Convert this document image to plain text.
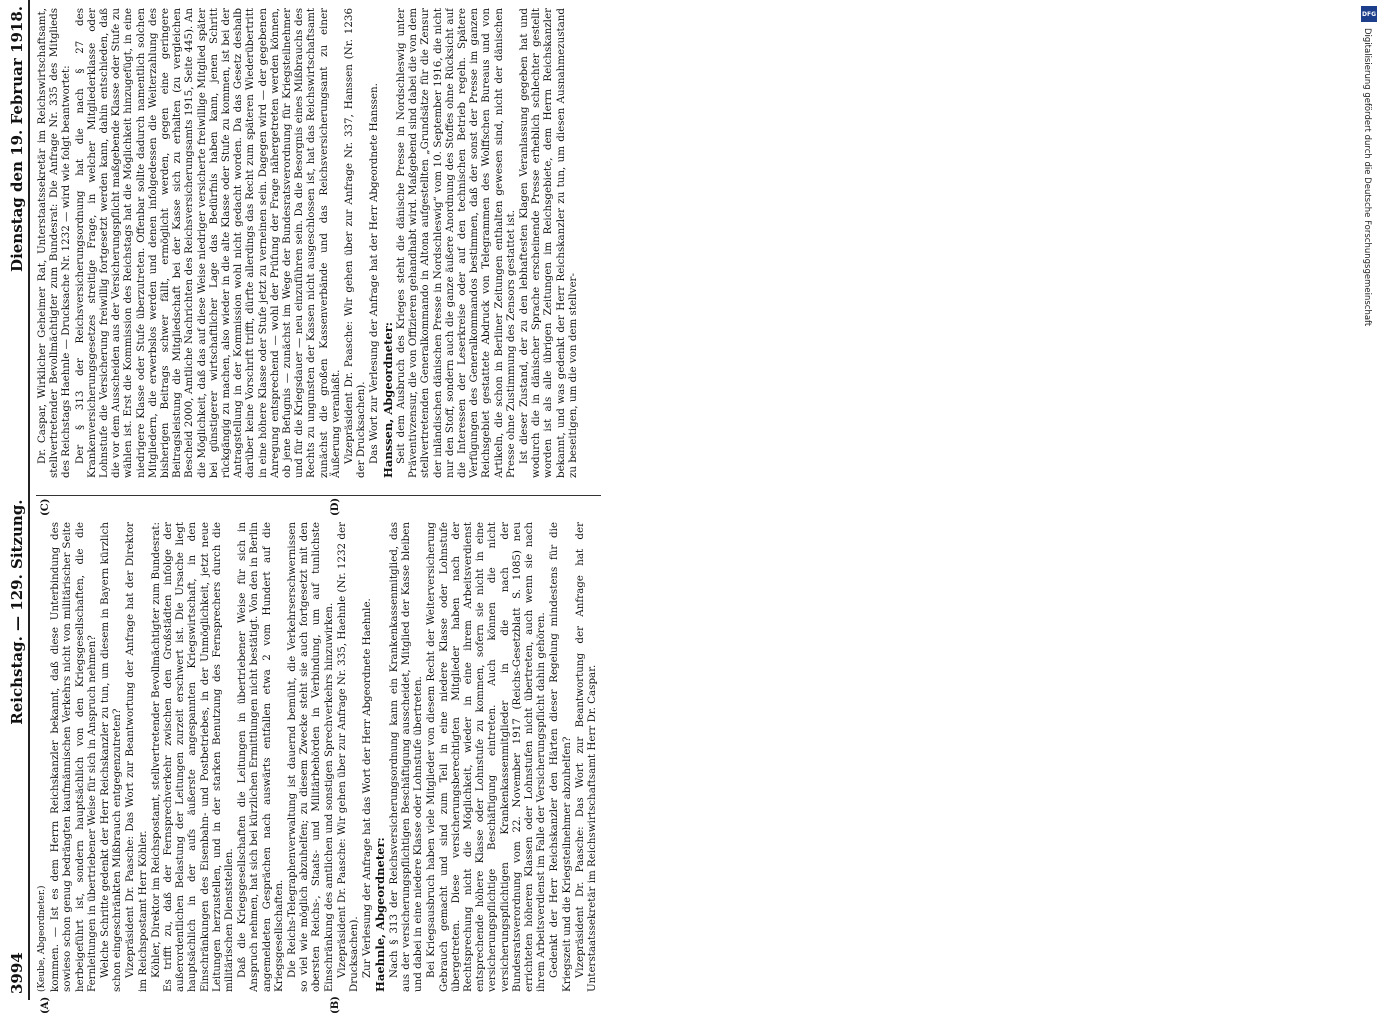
3994
Reichstag. — 129. Sitzung.
Dienstag den 19. Februar 1918.
(A)	(B)
(C)	(D)

(Keube, Abgeordneter.) kommen. — Ist es dem Herrn Reichskanzler bekannt, daß diese Unterbindung des sowieso schon genug bedrängten kaufmännischen Verkehrs nicht von militärischer Seite herbeigeführt ist, sondern hauptsächlich von den Kriegsgesellschaften, die die Fernleitungen in übertriebener Weise für sich in Anspruch nehmen? Welche Schritte gedenkt der Herr Reichskanzler zu tun, um diesem in Bayern kürzlich schon eingeschränkten Mißbrauch entgegenzutreten? Vizepräsident Dr. Paasche: Das Wort zur Beantwortung der Anfrage hat der Direktor im Reichspostamt Herr Köhler. Köhler, Direktor im Reichspostamt, stellvertretender Bevollmächtigter zum Bundesrat: Es trifft zu, daß der Fernsprechverkehr zwischen den Großstädten infolge der außerordentlichen Belastung der Leitungen zurzeit erschwert ist. Die Ursache liegt hauptsächlich in der aufs äußerste angespannten Kriegswirtschaft, in den Einschränkungen des Eisenbahn- und Postbetriebes, in der Unmöglichkeit, jetzt neue Leitungen herzustellen, und in der starken Benutzung des Fernsprechers durch die militärischen Dienststellen. Daß die Kriegsgesellschaften die Leitungen in übertriebener Weise für sich in Anspruch nehmen, hat sich bei kürzlichen Ermittlungen nicht bestätigt. Von den in Berlin angemeldeten Gesprächen nach auswärts entfallen etwa 2 vom Hundert auf die Kriegsgesellschaften. Die Reichs-Telegraphenverwaltung ist dauernd bemüht, die Verkehrserschwernissen so viel wie möglich abzuhelfen; zu diesem Zwecke steht sie auch fortgesetzt mit den obersten Reichs-, Staats- und Militärbehörden in Verbindung, um auf tunlichste Einschränkung des amtlichen und sonstigen Sprechverkehrs hinzuwirken. Vizepräsident Dr. Paasche: Wir gehen über zur Anfrage Nr. 335, Haehnle (Nr. 1232 der Drucksachen). Zur Verlesung der Anfrage hat das Wort der Herr Abgeordnete Haehnle. Haehnle, Abgeordneter: Nach § 313 der Reichsversicherungsordnung kann ein Krankenkassenmitglied, das aus der versicherungspflichtigen Beschäftigung ausscheidet, Mitglied der Kasse bleiben und dabei in eine niedere Klasse oder Lohnstufe übertreten. Bei Kriegsausbruch haben viele Mitglieder von diesem Recht der Weiterversicherung Gebrauch gemacht und sind zum Teil in eine niedere Klasse oder Lohnstufe übergetreten. Diese versicherungsberechtigten Mitglieder haben nach der Rechtsprechung nicht die Möglichkeit, wieder in eine ihrem Arbeitsverdienst entsprechende höhere Klasse oder Lohnstufe zu kommen, sofern sie nicht in eine versicherungspflichtige Beschäftigung eintreten. Auch können die nicht versicherungspflichtigen Krankenkassenmitglieder in die nach der Bundesratsverordnung vom 22. November 1917 (Reichs-Gesetzblatt S. 1085) neu errichteten höheren Klassen oder Lohnstufen nicht übertreten, auch wenn sie nach ihrem Arbeitsverdienst im Falle der Versicherungspflicht dahin gehören. Gedenkt der Herr Reichskanzler den Härten dieser Regelung mindestens für die Kriegszeit und die Kriegsteilnehmer abzuhelfen? Vizepräsident Dr. Paasche: Das Wort zur Beantwortung der Anfrage hat der Unterstaatssekretär im Reichswirtschaftsamt Herr Dr. Caspar.

Dr. Caspar, Wirklicher Geheimer Rat, Unterstaatssekretär im Reichswirtschaftsamt, stellvertretender Bevollmächtigter zum Bundesrat: Die Anfrage Nr. 335 des Mitglieds des Reichstags Haehnle — Drucksache Nr. 1232 — wird wie folgt beantwortet: Der § 313 der Reichsversicherungsordnung hat die nach § 27 des Krankenversicherungsgesetzes streitige Frage, in welcher Mitgliederklasse oder Lohnstufe die Versicherung freiwillig fortgesetzt werden kann, dahin entschieden, daß die vor dem Ausscheiden aus der Versicherungspflicht maßgebende Klasse oder Stufe zu wählen ist. Erst die Kommission des Reichstags hat die Möglichkeit hinzugefügt, in eine niedrigere Klasse oder Stufe überzutreten. Offenbar sollte dadurch namentlich solchen Mitgliedern, die erwerbslos werden und denen infolgedessen die Weiterzahlung des bisherigen Beitrags schwer fällt, ermöglicht werden, gegen eine geringere Beitragsleistung die Mitgliedschaft bei der Kasse sich zu erhalten (zu vergleichen Bescheid 2000, Amtliche Nachrichten des Reichsversicherungsamts 1915, Seite 445). An die Möglichkeit, daß das auf diese Weise niedriger versicherte freiwillige Mitglied später bei günstigerer wirtschaftlicher Lage das Bedürfnis haben kann, jenen Schritt rückgängig zu machen, also wieder in die alte Klasse oder Stufe zu kommen, ist bei der Antragstellung in der Kommission wohl nicht gedacht worden. Da das Gesetz deshalb darüber keine Vorschrift trifft, dürfte allerdings das Recht zum späteren Wiederübertritt in eine höhere Klasse oder Stufe jetzt zu verneinen sein. Dagegen wird — der gegebenen Anregung entsprechend — wohl der Prüfung der Frage nähergetreten werden können, ob jene Befugnis — zunächst im Wege der Bundesratsverordnung für Kriegsteilnehmer und für die Kriegsdauer — neu einzuführen sein. Da die Besorgnis eines Mißbrauchs des Rechts zu ungunsten der Kassen nicht ausgeschlossen ist, hat das Reichswirtschaftsamt zunächst die großen Kassenverbände und das Reichsversicherungsamt zu einer Äußerung veranlaßt. Vizepräsident Dr. Paasche: Wir gehen über zur Anfrage Nr. 337, Hanssen (Nr. 1236 der Drucksachen). Das Wort zur Verlesung der Anfrage hat der Herr Abgeordnete Hanssen. Hanssen, Abgeordneter: Seit dem Ausbruch des Krieges steht die dänische Presse in Nordschleswig unter Präventivzensur, die von Offizieren gehandhabt wird. Maßgebend sind dabei die von dem stellvertretenden Generalkommando in Altona aufgestellten „Grundsätze für die Zensur der inländischen dänischen Presse in Nordschleswig“ vom 10. September 1916, die nicht nur den Stoff, sondern auch die ganze äußere Anordnung des Stoffes ohne Rücksicht auf die Interessen der Leserkreise oder auf den technischen Betrieb regeln. Spätere Verfügungen des Generalkommandos bestimmen, daß der sonst der Presse im ganzen Reichsgebiet gestattete Abdruck von Telegrammen des Wolffschen Bureaus und von Artikeln, die schon in Berliner Zeitungen enthalten gewesen sind, nicht der dänischen Presse ohne Zustimmung des Zensors gestattet ist. Ist dieser Zustand, der zu den lebhaftesten Klagen Veranlassung gegeben hat und wodurch die in dänischer Sprache erscheinende Presse erheblich schlechter gestellt worden ist als alle übrigen Zeitungen im Reichsgebiete, dem Herrn Reichskanzler bekannt, und was gedenkt der Herr Reichskanzler zu tun, um diesen Ausnahmezustand zu beseitigen, um die von dem stellver-

DFG
Digitalisierung gefördert durch die Deutsche Forschungsgemeinschaft
